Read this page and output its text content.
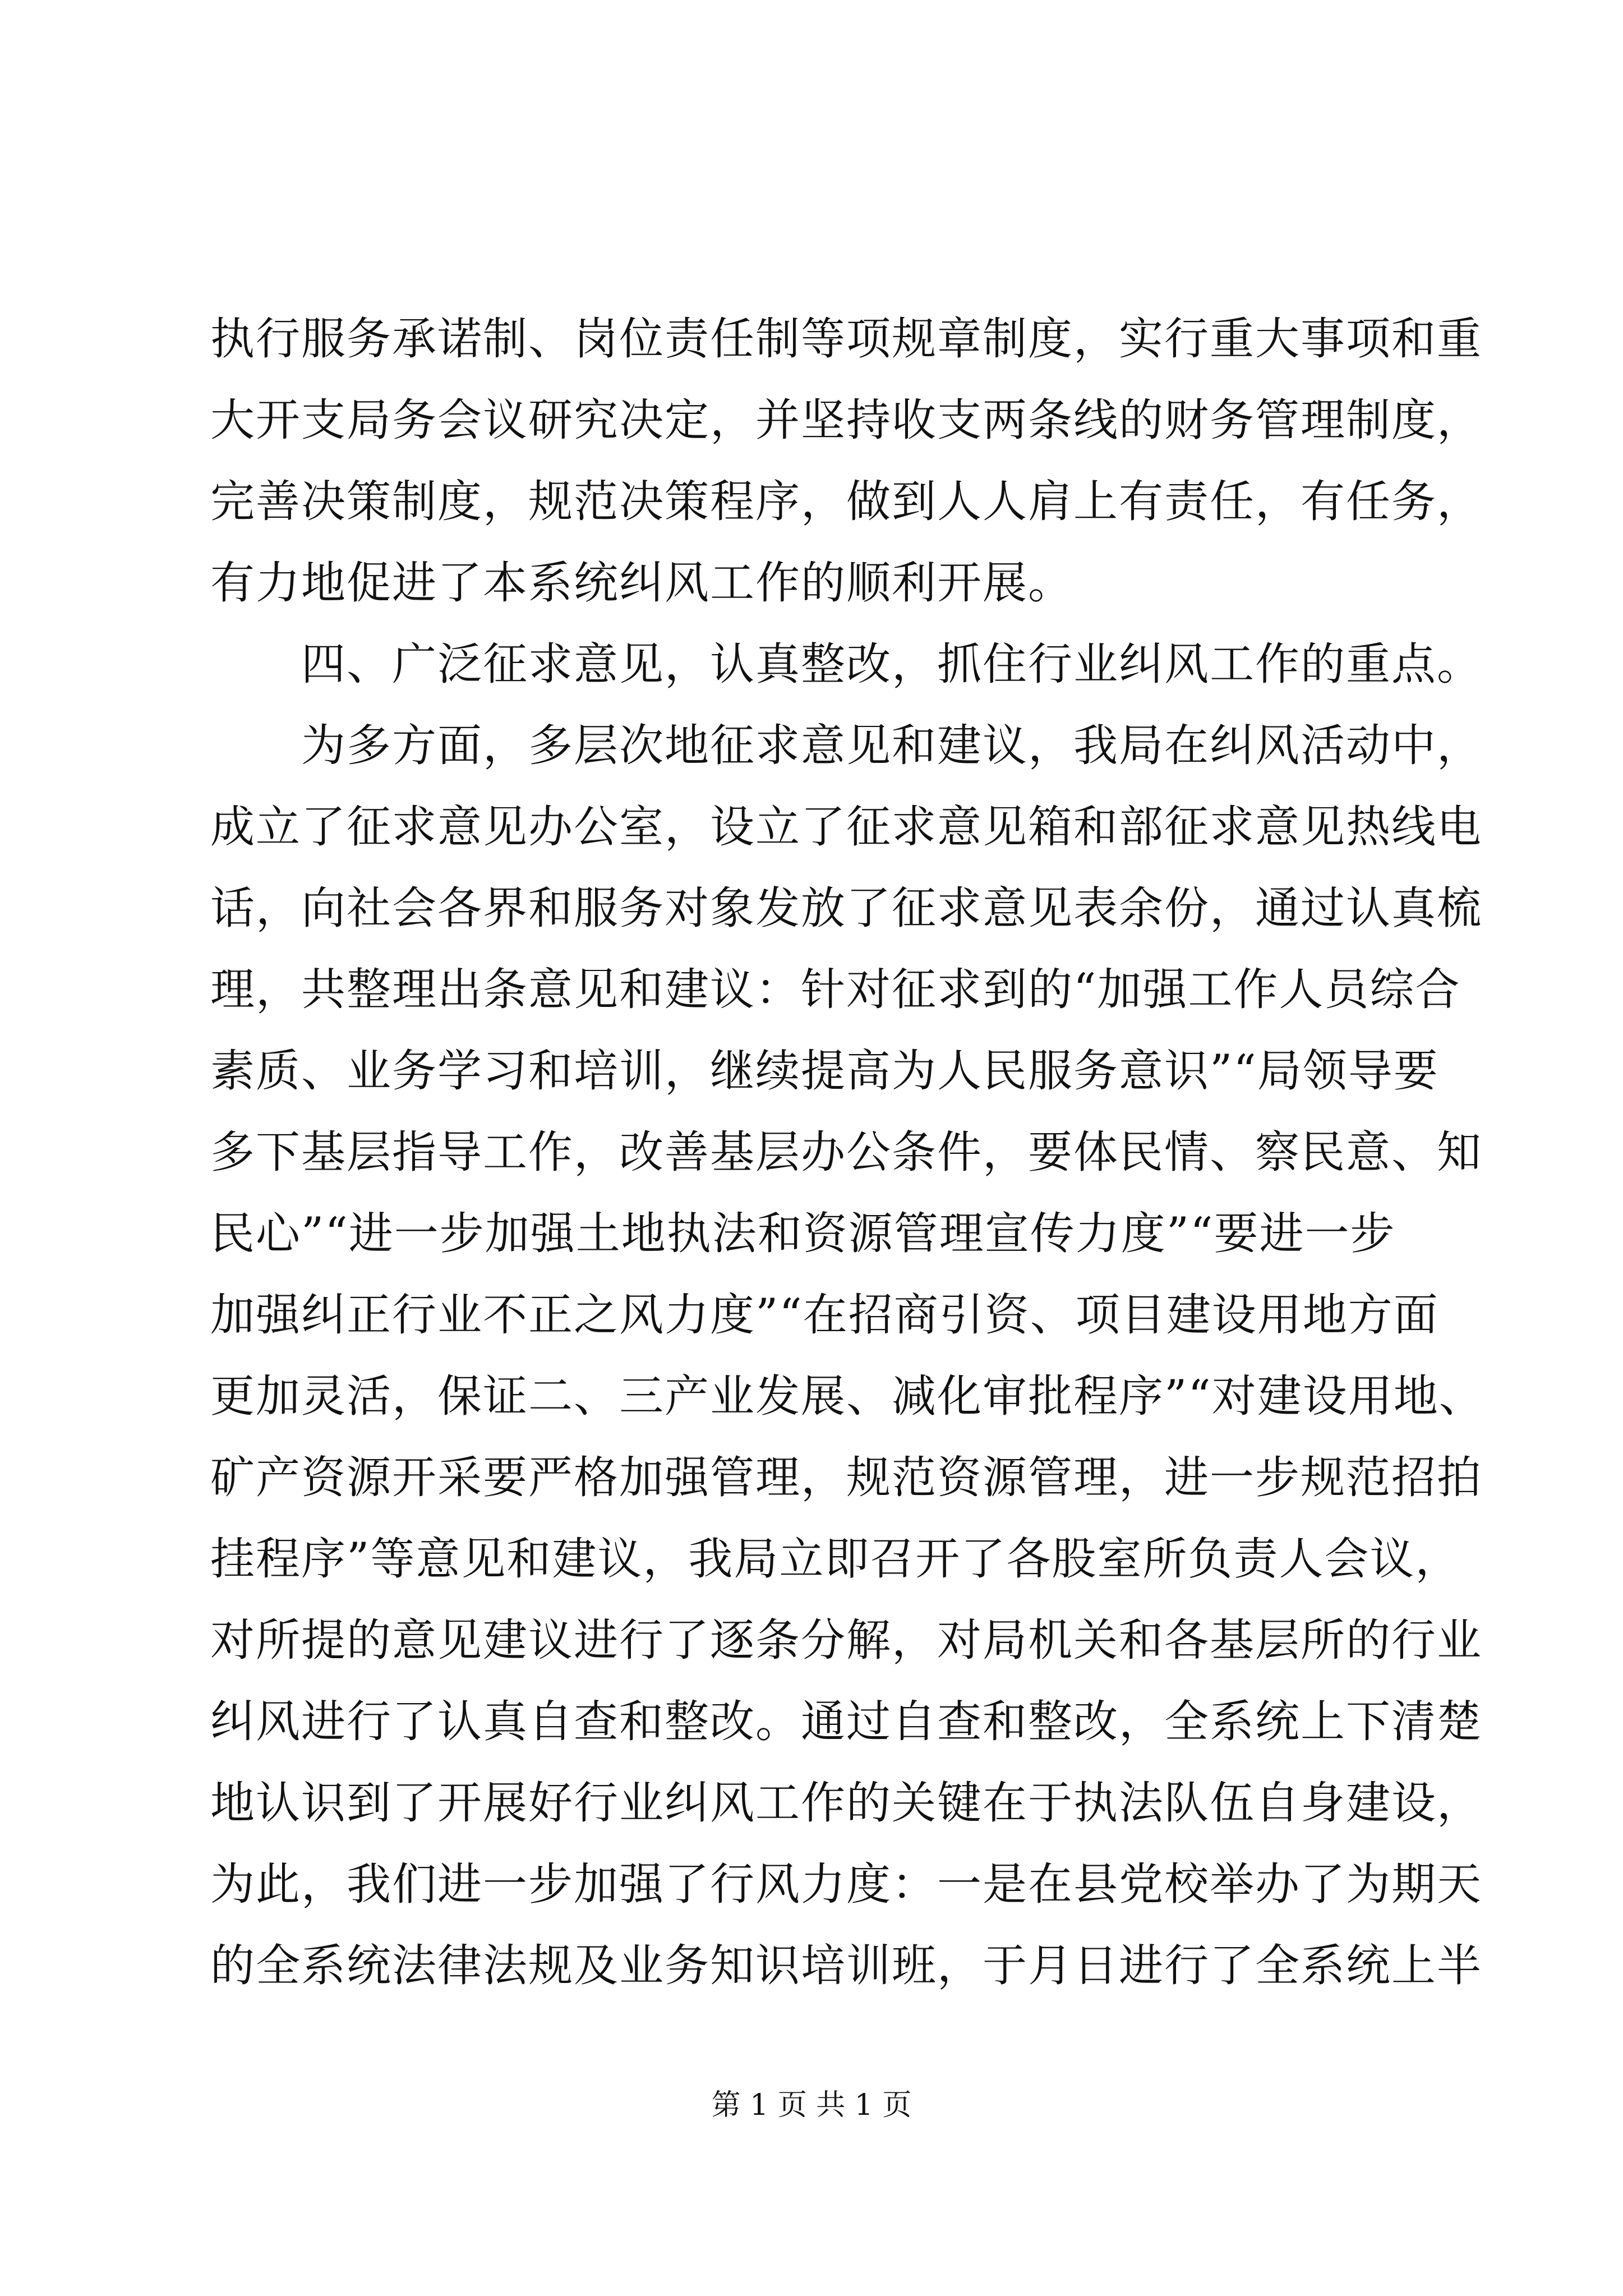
执行服务承诺制、岗位责任制等项规章制度，实行重大事项和重
大开支局务会议研究决定，并坚持收支两条线的财务管理制度，
完善决策制度，规范决策程序，做到人人肩上有责任，有任务，
有力地促进了本系统纠风工作的顺利开展。
　　四、广泛征求意见，认真整改，抓住行业纠风工作的重点。
　　为多方面，多层次地征求意见和建议，我局在纠风活动中，
成立了征求意见办公室，设立了征求意见箱和部征求意见热线电
话，向社会各界和服务对象发放了征求意见表余份，通过认真梳
理，共整理出条意见和建议：针对征求到的“加强工作人员综合
素质、业务学习和培训，继续提高为人民服务意识”“局领导要
多下基层指导工作，改善基层办公条件，要体民情、察民意、知
民心”“进一步加强土地执法和资源管理宣传力度”“要进一步
加强纠正行业不正之风力度”“在招商引资、项目建设用地方面
更加灵活，保证二、三产业发展、减化审批程序”“对建设用地、
矿产资源开采要严格加强管理，规范资源管理，进一步规范招拍
挂程序”等意见和建议，我局立即召开了各股室所负责人会议，
对所提的意见建议进行了逐条分解，对局机关和各基层所的行业
纠风进行了认真自查和整改。通过自查和整改，全系统上下清楚
地认识到了开展好行业纠风工作的关键在于执法队伍自身建设，
为此，我们进一步加强了行风力度：一是在县党校举办了为期天
的全系统法律法规及业务知识培训班，于月日进行了全系统上半
第 1 页 共 1 页
